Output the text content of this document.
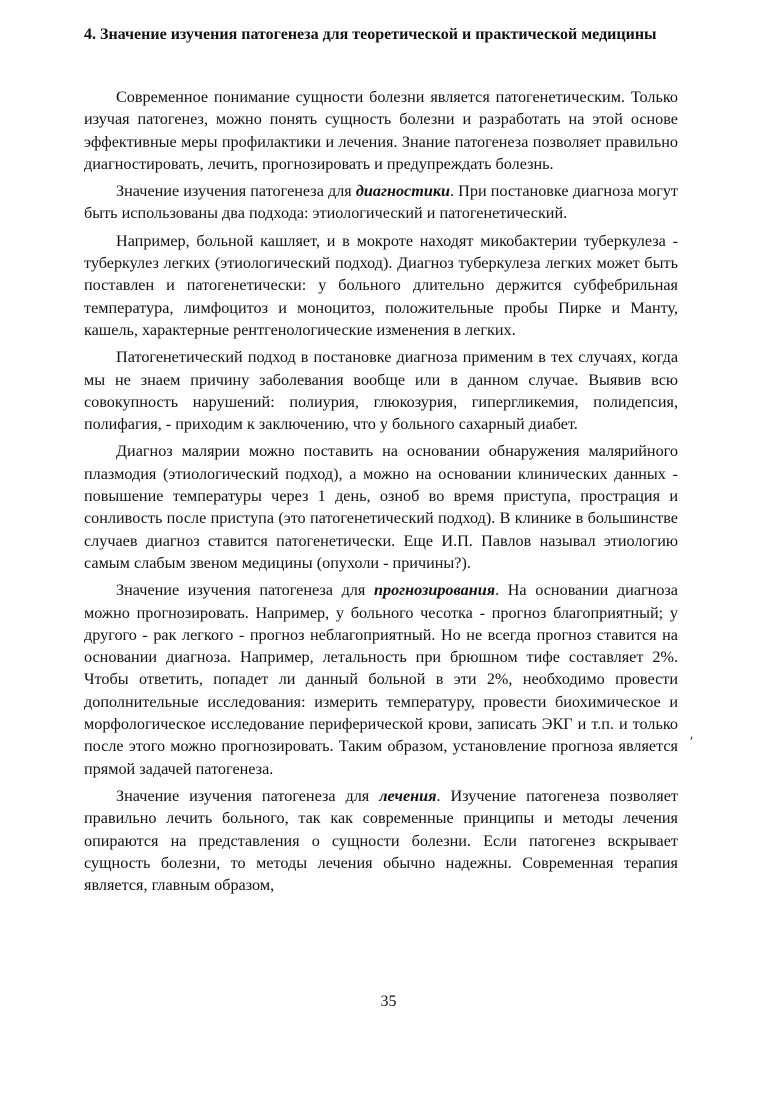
4. Значение изучения патогенеза для теоретической и практической медицины

Современное понимание сущности болезни является патогенетическим. Только изучая патогенез, можно понять сущность болезни и разработать на этой основе эффективные меры профилактики и лечения. Знание патогенеза позволяет правильно диагностировать, лечить, прогнозировать и предупреждать болезнь.

Значение изучения патогенеза для диагностики. При постановке диагноза могут быть использованы два подхода: этиологический и патогенетический.

Например, больной кашляет, и в мокроте находят микобактерии туберкулеза - туберкулез легких (этиологический подход). Диагноз туберкулеза легких может быть поставлен и патогенетически: у больного длительно держится субфебрильная температура, лимфоцитоз и моноцитоз, положительные пробы Пирке и Манту, кашель, характерные рентгенологические изменения в легких.

Патогенетический подход в постановке диагноза применим в тех случаях, когда мы не знаем причину заболевания вообще или в данном случае. Выявив всю совокупность нарушений: полиурия, глюкозурия, гипергликемия, полидепсия, полифагия, - приходим к заключению, что у больного сахарный диабет.

Диагноз малярии можно поставить на основании обнаружения малярийного плазмодия (этиологический подход), а можно на основании клинических данных - повышение температуры через 1 день, озноб во время приступа, прострация и сонливость после приступа (это патогенетический подход). В клинике в большинстве случаев диагноз ставится патогенетически. Еще И.П. Павлов называл этиологию самым слабым звеном медицины (опухоли - причины?).

Значение изучения патогенеза для прогнозирования. На основании диагноза можно прогнозировать. Например, у больного чесотка - прогноз благоприятный; у другого - рак легкого - прогноз неблагоприятный. Но не всегда прогноз ставится на основании диагноза. Например, летальность при брюшном тифе составляет 2%. Чтобы ответить, попадет ли данный больной в эти 2%, необходимо провести дополнительные исследования: измерить температуру, провести биохимическое и морфологическое исследование периферической крови, записать ЭКГ и т.п. и только после этого можно прогнозировать. Таким образом, установление прогноза является прямой задачей патогенеза.

Значение изучения патогенеза для лечения. Изучение патогенеза позволяет правильно лечить больного, так как современные принципы и методы лечения опираются на представления о сущности болезни. Если патогенез вскрывает сущность болезни, то методы лечения обычно надежны. Современная терапия является, главным образом,

ʹ
35
